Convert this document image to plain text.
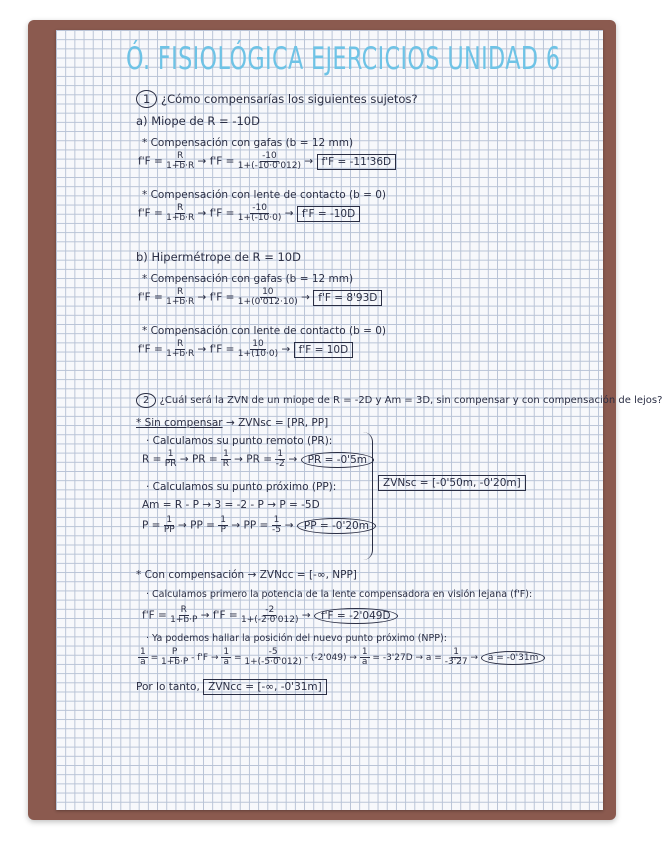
Ó. FISIOLÓGICA EJERCICIOS UNIDAD 6
1 ¿Cómo compensarías los siguientes sujetos?
a) Miope de R = -10D
* Compensación con gafas (b = 12 mm)
$f'F = \frac{R}{1+b\cdot R} \to f'F = \frac{-10}{1+(-10\cdot 0'012)} \to f'F = -11'36D$
* Compensación con lente de contacto (b = 0)
$f'F = \frac{R}{1+b\cdot R} \to f'F = \frac{-10}{1+(-10\cdot 0)} \to f'F = -10D$
b) Hipermétrope de R = 10D
* Compensación con gafas (b = 12 mm)
$f'F = \frac{R}{1+b\cdot R} \to f'F = \frac{10}{1+(0'012\cdot 10)} \to f'F = 8'93D$
* Compensación con lente de contacto (b = 0)
$f'F = \frac{R}{1+b\cdot R} \to f'F = \frac{10}{1+(10\cdot 0)} \to f'F = 10D$
2 ¿Cuál será la ZVN de un miope de R = -2D y Am = 3D, sin compensar y con compensación de lejos?
* Sin compensar → ZVNsc = [PR, PP]
· Calculamos su punto remoto (PR):
$R = \frac{1}{PR}$ → PR = $\frac{1}{R}$ → PR = $\frac{1}{-2}$ → PR = -0'5m
· Calculamos su punto próximo (PP):
Am = R - P → 3 = -2 - P → P = -5D
$P = \frac{1}{PP}$ → PP = $\frac{1}{P}$ → PP = $\frac{1}{-5}$ → PP = -0'20m
ZVNsc = [-0'50m, -0'20m]
* Con compensación → ZVNcc = [-∞, NPP]
· Calculamos primero la potencia de la lente compensadora en visión lejana (f'F):
$f'F = \frac{R}{1+b\cdot P} \to f'F = \frac{-2}{1+(-2\cdot 0'012)} \to f'F = -2'049D$
· Ya podemos hallar la posición del nuevo punto próximo (NPP):
$\frac{1}{a} = \frac{P}{1+b\cdot P} - f'F \to \frac{1}{a} = \frac{-5}{1+(-5\cdot 0'012)} - (-2'049) \to \frac{1}{a} = -3'27D \to a = \frac{1}{-3'27} \to a = -0'31m$
Por lo tanto, ZVNcc = [-∞, -0'31m]
